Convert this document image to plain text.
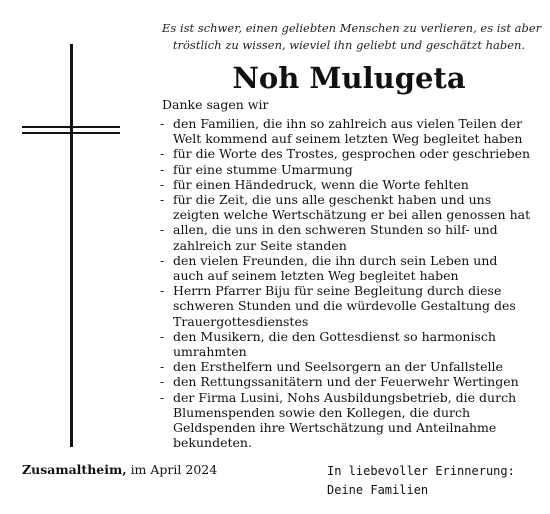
Es ist schwer, einen geliebten Menschen zu verlieren, es ist aber
tröstlich zu wissen, wieviel ihn geliebt und geschätzt haben.
Noh Mulugeta
Danke sagen wir
- den Familien, die ihn so zahlreich aus vielen Teilen der
Welt kommend auf seinem letzten Weg begleitet haben
- für die Worte des Trostes, gesprochen oder geschrieben
- für eine stumme Umarmung
- für einen Händedruck, wenn die Worte fehlten
- für die Zeit, die uns alle geschenkt haben und uns
zeigten welche Wertschätzung er bei allen genossen hat
- allen, die uns in den schweren Stunden so hilf- und
zahlreich zur Seite standen
- den vielen Freunden, die ihn durch sein Leben und
auch auf seinem letzten Weg begleitet haben
- Herrn Pfarrer Biju für seine Begleitung durch diese
schweren Stunden und die würdevolle Gestaltung des
Trauergottesdienstes
- den Musikern, die den Gottesdienst so harmonisch
umrahmten
- den Ersthelfern und Seelsorgern an der Unfallstelle
- den Rettungssanitätern und der Feuerwehr Wertingen
- der Firma Lusini, Nohs Ausbildungsbetrieb, die durch
Blumenspenden sowie den Kollegen, die durch
Geldspenden ihre Wertschätzung und Anteilnahme
bekundeten.
Zusamaltheim, im April 2024	In liebevoller Erinnerung:
Deine Familien
